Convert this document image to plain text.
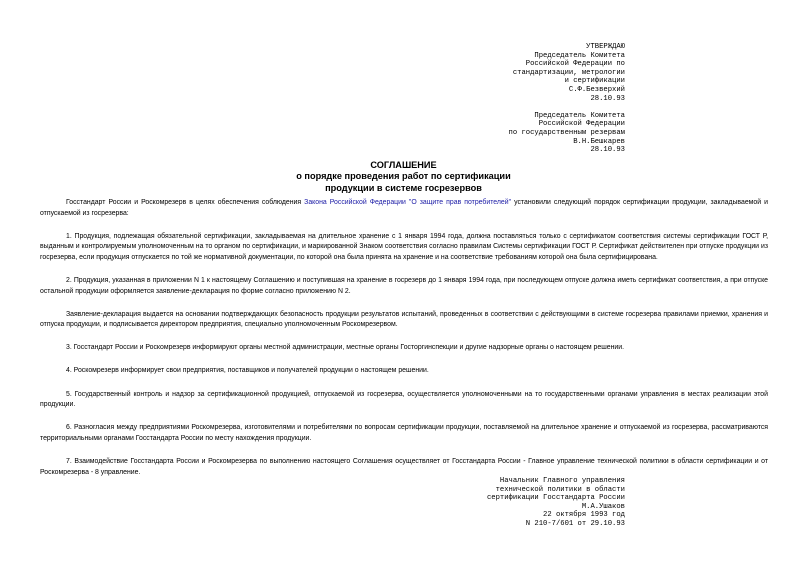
УТВЕРЖДАЮ
Председатель Комитета
Российской Федерации по
стандартизации, метрологии
и сертификации
С.Ф.Безверхий
28.10.93
Председатель Комитета
Российской Федерации
по государственным резервам
В.Н.Бешкарев
28.10.93
СОГЛАШЕНИЕ
о порядке проведения работ по сертификации
продукции в системе госрезервов

Госстандарт России и Роскомрезерв в целях обеспечения соблюдения Закона Российской Федерации "О защите прав потребителей" установили следующий порядок сертификации продукции, закладываемой и отпускаемой из госрезерва:

1. Продукция, подлежащая обязательной сертификации, закладываемая на длительное хранение с 1 января 1994 года, должна поставляться только с сертификатом соответствия системы сертификации ГОСТ Р, выданным и контролируемым уполномоченным на то органом по сертификации, и маркированной Знаком соответствия согласно правилам Системы сертификации ГОСТ Р. Сертификат действителен при отпуске продукции из госрезерва, если продукция отпускается по той же нормативной документации, по которой она была принята на хранение и на соответствие требованиям которой она была сертифицирована.

2. Продукция, указанная в приложении N 1 к настоящему Соглашению и поступившая на хранение в госрезерв до 1 января 1994 года, при последующем отпуске должна иметь сертификат соответствия, а при отпуске остальной продукции оформляется заявление-декларация по форме согласно приложению N 2.

Заявление-декларация выдается на основании подтверждающих безопасность продукции результатов испытаний, проведенных в соответствии с действующими в системе госрезерва правилами приемки, хранения и отпуска продукции, и подписывается директором предприятия, специально уполномоченным Роскомрезервом.

3. Госстандарт России и Роскомрезерв информируют органы местной администрации, местные органы Госторгинспекции и другие надзорные органы о настоящем решении.

4. Роскомрезерв информирует свои предприятия, поставщиков и получателей продукции о настоящем решении.

5. Государственный контроль и надзор за сертификационной продукцией, отпускаемой из госрезерва, осуществляется уполномоченными на то государственными органами управления в местах реализации этой продукции.

6. Разногласия между предприятиями Роскомрезерва, изготовителями и потребителями по вопросам сертификации продукции, поставляемой на длительное хранение и отпускаемой из госрезерва, рассматриваются территориальными органами Госстандарта России по месту нахождения продукции.

7. Взаимодействие Госстандарта России и Роскомрезерва по выполнению настоящего Соглашения осуществляет от Госстандарта России - Главное управление технической политики в области сертификации и от Роскомрезерва - 8 управление.

Начальник Главного управления
технической политики в области
сертификации Госстандарта России
М.А.Ушаков
22 октября 1993 год
N 210-7/601 от 29.10.93
